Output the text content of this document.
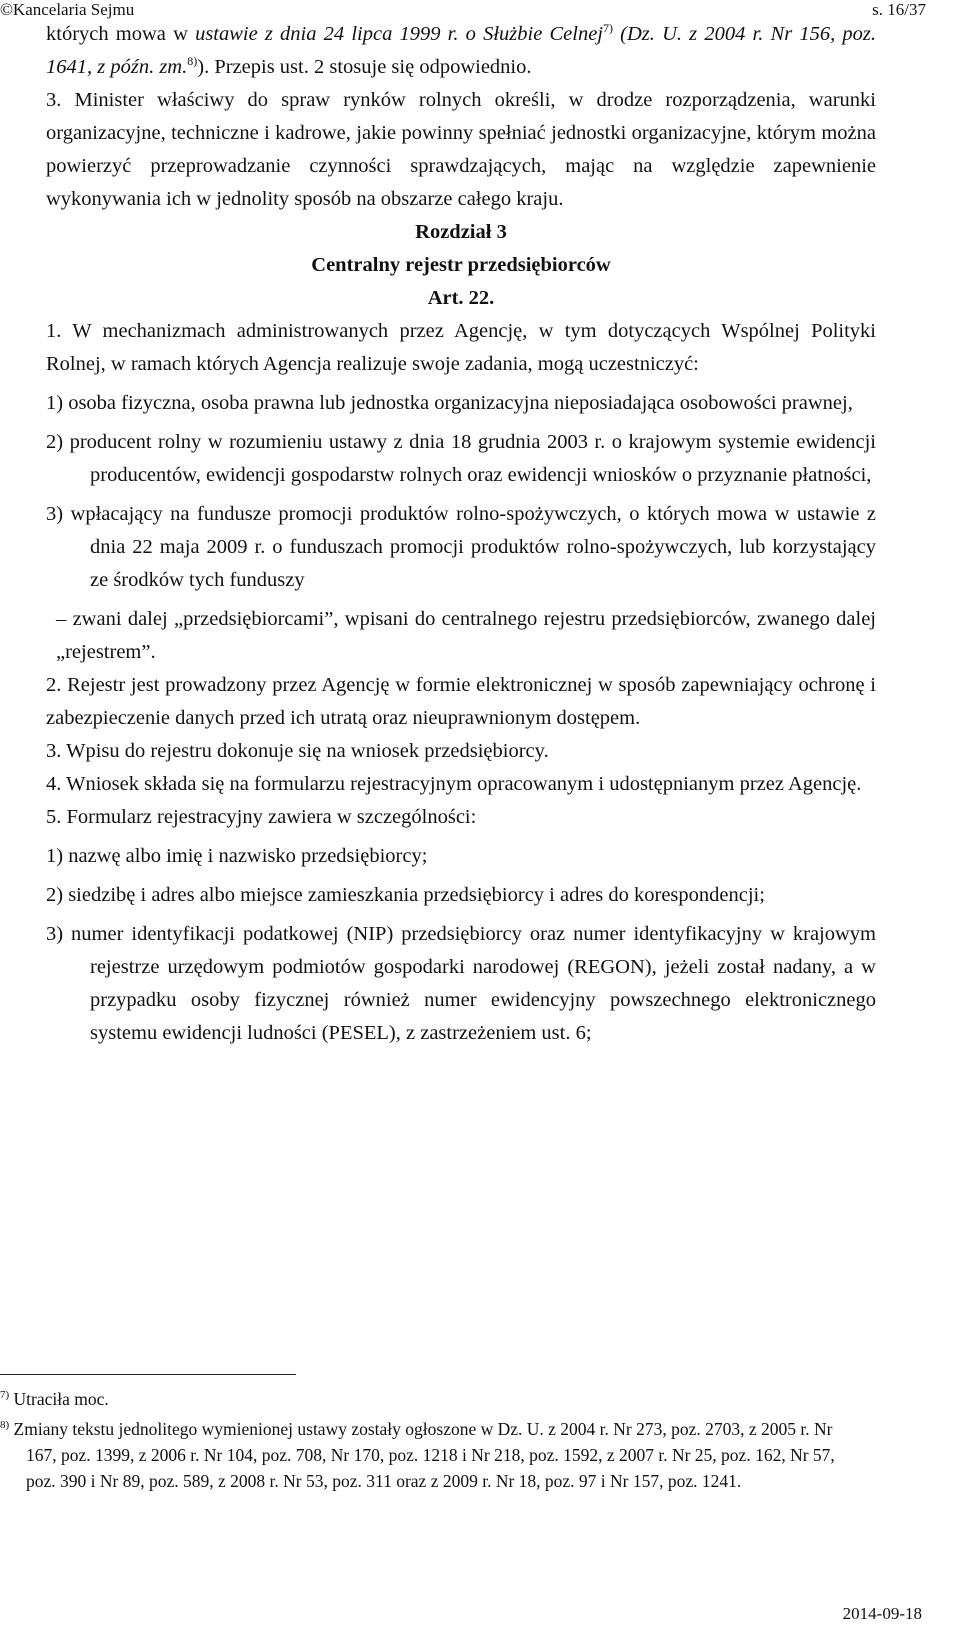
©Kancelaria Sejmu	s. 16/37

których mowa w ustawie z dnia 24 lipca 1999 r. o Służbie Celnej$^{7)}$ (Dz. U. z 2004 r. Nr 156, poz. 1641, z późn. zm.$^{8)}$). Przepis ust. 2 stosuje się odpowiednio.

3. Minister właściwy do spraw rynków rolnych określi, w drodze rozporządzenia, warunki organizacyjne, techniczne i kadrowe, jakie powinny spełniać jednostki organizacyjne, którym można powierzyć przeprowadzanie czynności sprawdzających, mając na względzie zapewnienie wykonywania ich w jednolity sposób na obszarze całego kraju.

Rozdział 3

Centralny rejestr przedsiębiorców

Art. 22.

1. W mechanizmach administrowanych przez Agencję, w tym dotyczących Wspólnej Polityki Rolnej, w ramach których Agencja realizuje swoje zadania, mogą uczestniczyć:

1) osoba fizyczna, osoba prawna lub jednostka organizacyjna nieposiadająca osobowości prawnej,
2) producent rolny w rozumieniu ustawy z dnia 18 grudnia 2003 r. o krajowym systemie ewidencji producentów, ewidencji gospodarstw rolnych oraz ewidencji wniosków o przyznanie płatności,
3) wpłacający na fundusze promocji produktów rolno-spożywczych, o których mowa w ustawie z dnia 22 maja 2009 r. o funduszach promocji produktów rolno-spożywczych, lub korzystający ze środków tych funduszy

– zwani dalej „przedsiębiorcami”, wpisani do centralnego rejestru przedsiębiorców, zwanego dalej „rejestrem”.

2. Rejestr jest prowadzony przez Agencję w formie elektronicznej w sposób zapewniający ochronę i zabezpieczenie danych przed ich utratą oraz nieuprawnionym dostępem.

3. Wpisu do rejestru dokonuje się na wniosek przedsiębiorcy.

4. Wniosek składa się na formularzu rejestracyjnym opracowanym i udostępnianym przez Agencję.

5. Formularz rejestracyjny zawiera w szczególności:

1) nazwę albo imię i nazwisko przedsiębiorcy;
2) siedzibę i adres albo miejsce zamieszkania przedsiębiorcy i adres do korespondencji;
3) numer identyfikacji podatkowej (NIP) przedsiębiorcy oraz numer identyfikacyjny w krajowym rejestrze urzędowym podmiotów gospodarki narodowej (REGON), jeżeli został nadany, a w przypadku osoby fizycznej również numer ewidencyjny powszechnego elektronicznego systemu ewidencji ludności (PESEL), z zastrzeżeniem ust. 6;

$^{7)}$ Utraciła moc.

$^{8)}$ Zmiany tekstu jednolitego wymienionej ustawy zostały ogłoszone w Dz. U. z 2004 r. Nr 273, poz. 2703, z 2005 r. Nr 167, poz. 1399, z 2006 r. Nr 104, poz. 708, Nr 170, poz. 1218 i Nr 218, poz. 1592, z 2007 r. Nr 25, poz. 162, Nr 57, poz. 390 i Nr 89, poz. 589, z 2008 r. Nr 53, poz. 311 oraz z 2009 r. Nr 18, poz. 97 i Nr 157, poz. 1241.

2014-09-18
